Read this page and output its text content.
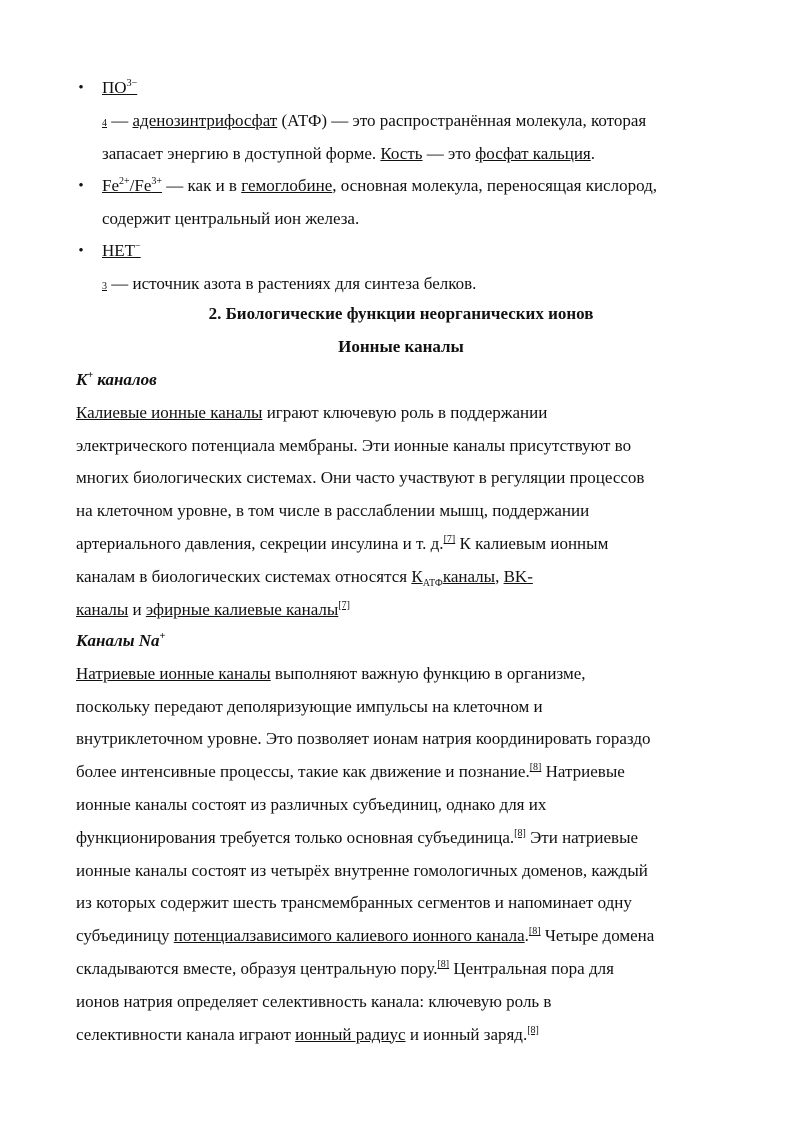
•	$ПО^{3-}$
4 — аденозинтрифосфат (АТФ) — это распространённая молекула, которая
запасает энергию в доступной форме. Кость — это фосфат кальция.
•	$Fe^{2+}/Fe^{3+}$ — как и в гемоглобине, основная молекула, переносящая кислород,
содержит центральный ион железа.
•	НЕТ−
3 — источник азота в растениях для синтеза белков.
2. Биологические функции неорганических ионов
Ионные каналы
K+ каналов
Калиевые ионные каналы играют ключевую роль в поддержании
электрического потенциала мембраны. Эти ионные каналы присутствуют во
многих биологических системах. Они часто участвуют в регуляции процессов
на клеточном уровне, в том числе в расслаблении мышц, поддержании
артериального давления, секреции инсулина и т. д.[7] К калиевым ионным
каналам в биологических системах относятся $К_{АТФ}каналы$, BK-
каналы и эфирные калиевые каналы[7]
Каналы Na+
Натриевые ионные каналы выполняют важную функцию в организме,
поскольку передают деполяризующие импульсы на клеточном и
внутриклеточном уровне. Это позволяет ионам натрия координировать гораздо
более интенсивные процессы, такие как движение и познание.[8] Натриевые
ионные каналы состоят из различных субъединиц, однако для их
функционирования требуется только основная субъединица.[8] Эти натриевые
ионные каналы состоят из четырёх внутренне гомологичных доменов, каждый
из которых содержит шесть трансмембранных сегментов и напоминает одну
субъединицу потенциалзависимого калиевого ионного канала.[8] Четыре домена
складываются вместе, образуя центральную пору.[8] Центральная пора для
ионов натрия определяет селективность канала: ключевую роль в
селективности канала играют ионный радиус и ионный заряд.[8]
